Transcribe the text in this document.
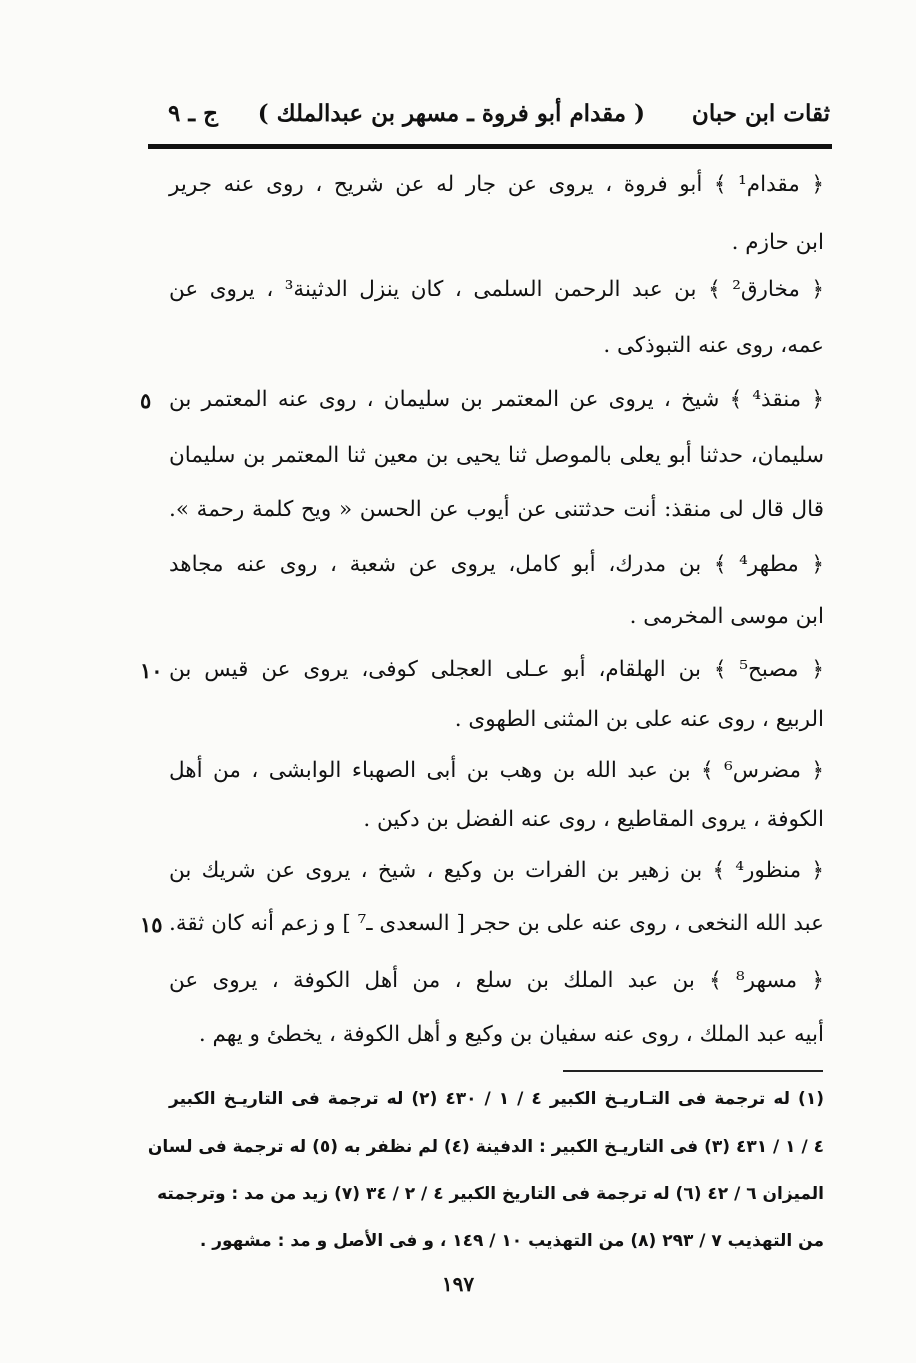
ثقات ابن حبان
( مقدام أبو فروة ـ مسهر بن عبدالملك )
ج ـ ٩
﴿ مقدام¹ ﴾ أبو فروة ، يروى عن جار له عن شريح ، روى عنه جرير
ابن حازم .
﴿ مخارق² ﴾ بن عبد الرحمن السلمى ، كان ينزل الدثينة³ ، يروى عن
عمه، روى عنه التبوذكى .
﴿ منقذ⁴ ﴾ شيخ ، يروى عن المعتمر بن سليمان ، روى عنه المعتمر بن
سليمان، حدثنا أبو يعلى بالموصل ثنا يحيى بن معين ثنا المعتمر بن سليمان
قال قال لى منقذ: أنت حدثتنى عن أيوب عن الحسن « ويح كلمة رحمة ».
﴿ مطهر⁴ ﴾ بن مدرك، أبو كامل، يروى عن شعبة ، روى عنه مجاهد
ابن موسى المخرمى .
﴿ مصبح⁵ ﴾ بن الهلقام، أبو عـلى العجلى كوفى، يروى عن قيس بن
الربيع ، روى عنه على بن المثنى الطهوى .
﴿ مضرس⁶ ﴾ بن عبد الله بن وهب بن أبى الصهباء الوابشى ، من أهل
الكوفة ، يروى المقاطيع ، روى عنه الفضل بن دكين .
﴿ منظور⁴ ﴾ بن زهير بن الفرات بن وكيع ، شيخ ، يروى عن شريك بن
عبد الله النخعى ، روى عنه على بن حجر [ السعدى ـ⁷ ] و زعم أنه كان ثقة.
﴿ مسهر⁸ ﴾ بن عبد الملك بن سلع ، من أهل الكوفة ، يروى عن
أبيه عبد الملك ، روى عنه سفيان بن وكيع و أهل الكوفة ، يخطئ و يهم .
٥
١٠
١٥
(١) له ترجمة فى التـاريـخ الكبير ٤ / ١ / ٤٣٠ (٢) له ترجمة فى التاريـخ الكبير
٤ / ١ / ٤٣١ (٣) فى التاريـخ الكبير : الدفينة (٤) لم نظفر به (٥) له ترجمة فى لسان
الميزان ٦ / ٤٢ (٦) له ترجمة فى التاريخ الكبير ٤ / ٢ / ٣٤ (٧) زيد من مد : وترجمته
من التهذيب ٧ / ٢٩٣ (٨) من التهذيب ١٠ / ١٤٩ ، و فى الأصل و مد : مشهور .
١٩٧
